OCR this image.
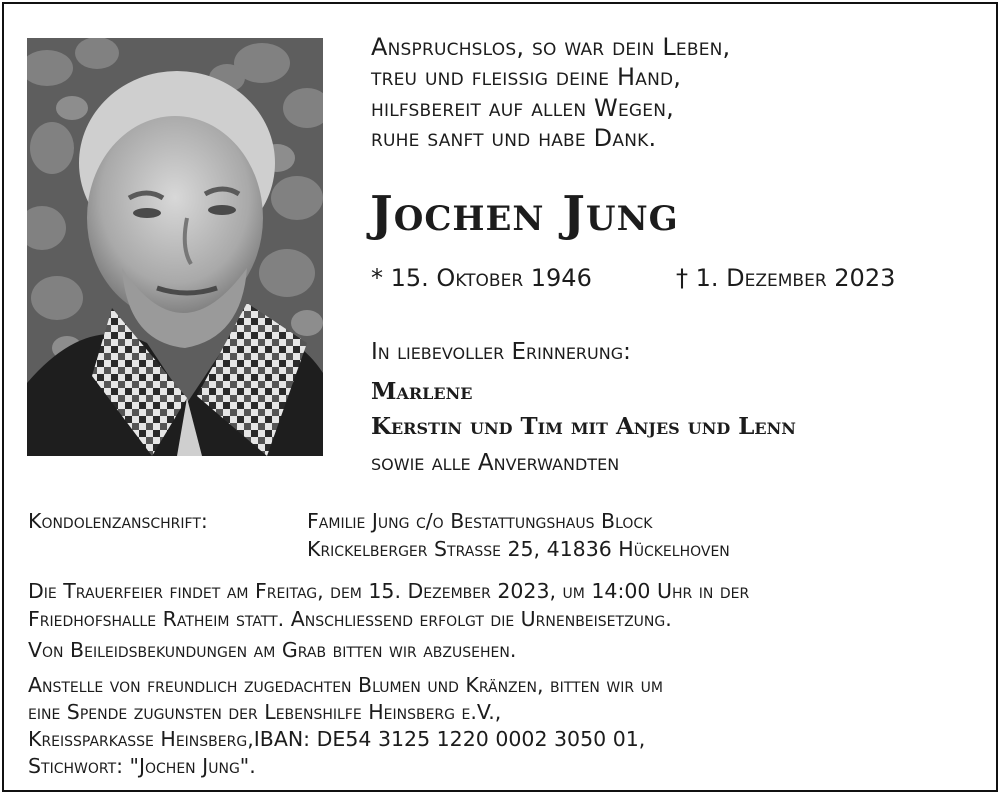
Anspruchslos, so war dein Leben,

treu und fleissig deine Hand,

hilfsbereit auf allen Wegen,

ruhe sanft und habe Dank.

Jochen Jung

* 15. Oktober 1946	† 1. Dezember 2023

In liebevoller Erinnerung:

Marlene

Kerstin und Tim mit Anjes und Lenn

sowie alle Anverwandten

Kondolenzanschrift:	Familie Jung c/o Bestattungshaus Block

Krickelberger Strasse 25, 41836 Hückelhoven

Die Trauerfeier findet am Freitag, dem 15. Dezember 2023, um 14:00 Uhr in der

Friedhofshalle Ratheim statt. Anschliessend erfolgt die Urnenbeisetzung.

Von Beileidsbekundungen am Grab bitten wir abzusehen.

Anstelle von freundlich zugedachten Blumen und Kränzen, bitten wir um

eine Spende zugunsten der Lebenshilfe Heinsberg e.V.,

Kreissparkasse Heinsberg,IBAN: DE54 3125 1220 0002 3050 01,

Stichwort: "Jochen Jung".
